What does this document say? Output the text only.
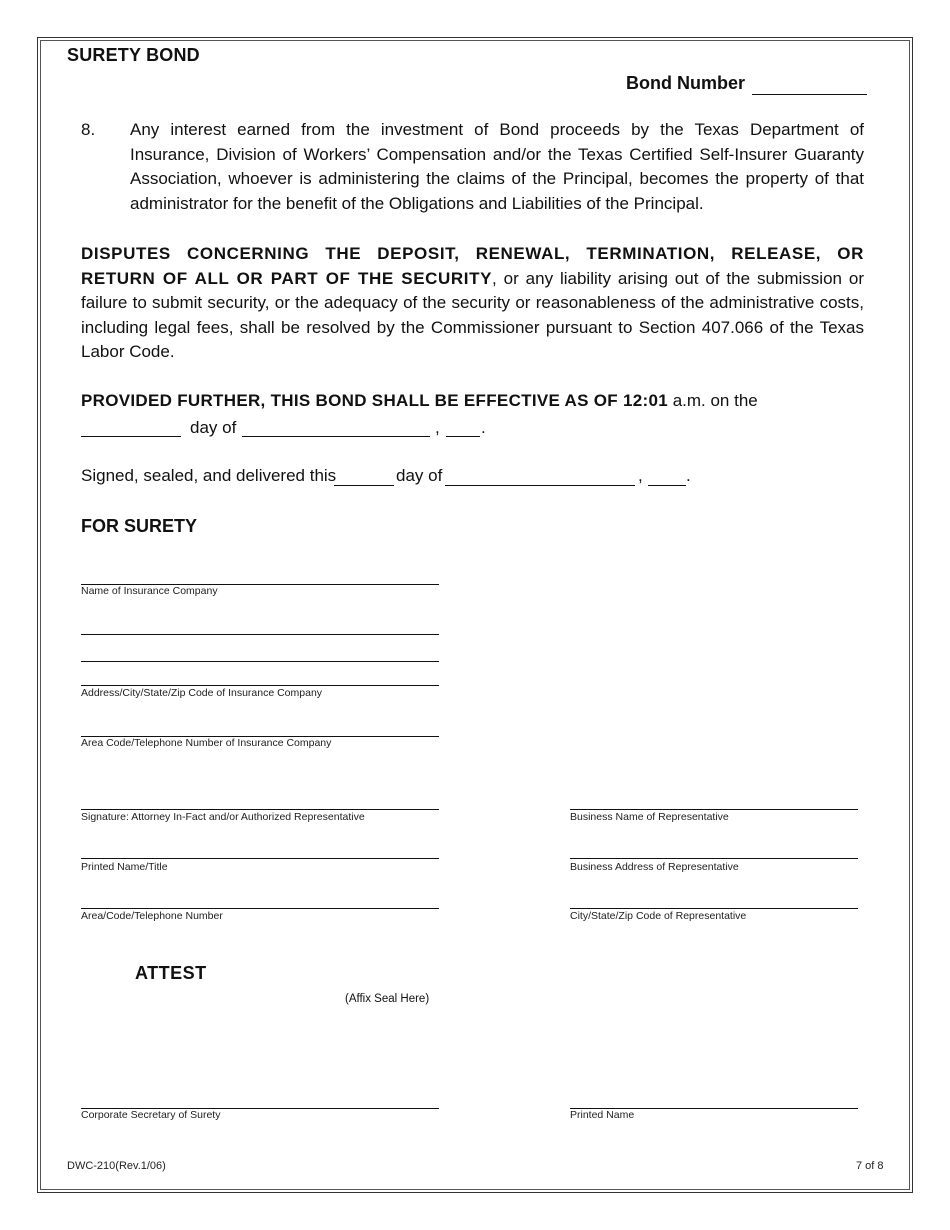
SURETY BOND
Bond Number
8. Any interest earned from the investment of Bond proceeds by the Texas Department of Insurance, Division of Workers’ Compensation and/or the Texas Certified Self-Insurer Guaranty Association, whoever is administering the claims of the Principal, becomes the property of that administrator for the benefit of the Obligations and Liabilities of the Principal.
DISPUTES CONCERNING THE DEPOSIT, RENEWAL, TERMINATION, RELEASE, OR RETURN OF ALL OR PART OF THE SECURITY, or any liability arising out of the submission or failure to submit security, or the adequacy of the security or reasonableness of the administrative costs, including legal fees, shall be resolved by the Commissioner pursuant to Section 407.066 of the Texas Labor Code.
PROVIDED FURTHER, THIS BOND SHALL BE EFFECTIVE AS OF 12:01 a.m. on the
day of	, .
Signed, sealed, and delivered this	day of	,	.
FOR SURETY
Name of Insurance Company
Address/City/State/Zip Code of Insurance Company
Area Code/Telephone Number of Insurance Company
Signature: Attorney In-Fact and/or Authorized Representative	Business Name of Representative
Printed Name/Title	Business Address of Representative
Area/Code/Telephone Number	City/State/Zip Code of Representative
ATTEST
(Affix Seal Here)
Corporate Secretary of Surety	Printed Name
DWC-210(Rev.1/06)	7 of 8
